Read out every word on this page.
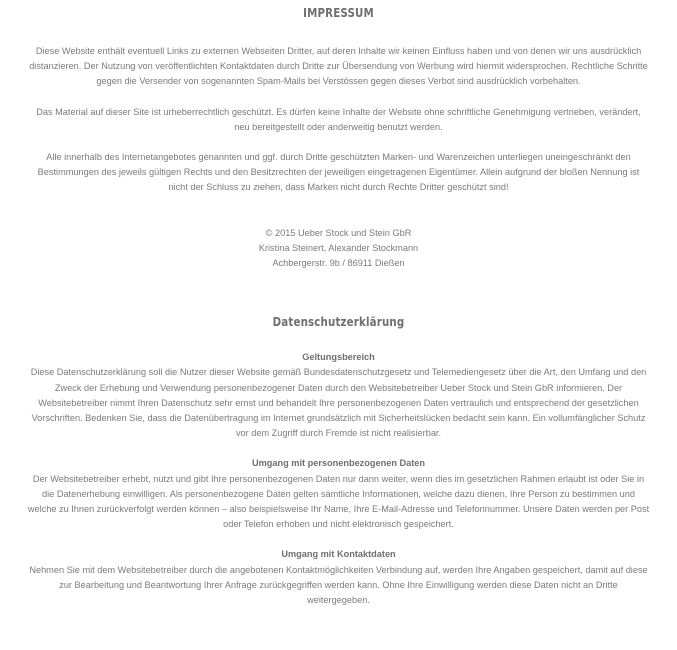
IMPRESSUM

Diese Website enthält eventuell Links zu externen Webseiten Dritter, auf deren Inhalte wir keinen Einfluss haben und von denen wir uns ausdrücklich
distanzieren. Der Nutzung von veröffentlichten Kontaktdaten durch Dritte zur Übersendung von Werbung wird hiermit widersprochen. Rechtliche Schritte
gegen die Versender von sogenannten Spam-Mails bei Verstössen gegen dieses Verbot sind ausdrücklich vorbehalten.

Das Material auf dieser Site ist urheberrechtlich geschützt. Es dürfen keine Inhalte der Website ohne schriftliche Genehmigung vertrieben, verändert,
neu bereitgestellt oder anderweitig benutzt werden.

Alle innerhalb des Internetangebotes genannten und ggf. durch Dritte geschützten Marken- und Warenzeichen unterliegen uneingeschränkt den
Bestimmungen des jeweils gültigen Rechts und den Besitzrechten der jeweiligen eingetragenen Eigentümer. Allein aufgrund der bloßen Nennung ist
nicht der Schluss zu ziehen, dass Marken nicht durch Rechte Dritter geschützt sind!

© 2015 Ueber Stock und Stein GbR
Kristina Steinert, Alexander Stockmann
Achbergerstr. 9b / 86911 Dießen

Datenschutzerklärung

Geltungsbereich

Diese Datenschutzerklärung soll die Nutzer dieser Website gemäß Bundesdatenschutzgesetz und Telemediengesetz über die Art, den Umfang und den
Zweck der Erhebung und Verwendung personenbezogener Daten durch den Websitebetreiber Ueber Stock und Stein GbR informieren. Der
Websitebetreiber nimmt Ihren Datenschutz sehr ernst und behandelt Ihre personenbezogenen Daten vertraulich und entsprechend der gesetzlichen
Vorschriften. Bedenken Sie, dass die Datenübertragung im Internet grundsätzlich mit Sicherheitslücken bedacht sein kann. Ein vollumfänglicher Schutz
vor dem Zugriff durch Fremde ist nicht realisierbar.

Umgang mit personenbezogenen Daten

Der Websitebetreiber erhebt, nutzt und gibt Ihre personenbezogenen Daten nur dann weiter, wenn dies im gesetzlichen Rahmen erlaubt ist oder Sie in
die Datenerhebung einwilligen. Als personenbezogene Daten gelten sämtliche Informationen, welche dazu dienen, Ihre Person zu bestimmen und
welche zu Ihnen zurückverfolgt werden können – also beispielsweise Ihr Name, Ihre E-Mail-Adresse und Telefonnummer. Unsere Daten werden per Post
oder Telefon erhoben und nicht elektronisch gespeichert.

Umgang mit Kontaktdaten

Nehmen Sie mit dem Websitebetreiber durch die angebotenen Kontaktmöglichkeiten Verbindung auf, werden Ihre Angaben gespeichert, damit auf diese
zur Bearbeitung und Beantwortung Ihrer Anfrage zurückgegriffen werden kann. Ohne Ihre Einwilligung werden diese Daten nicht an Dritte
weitergegeben.
